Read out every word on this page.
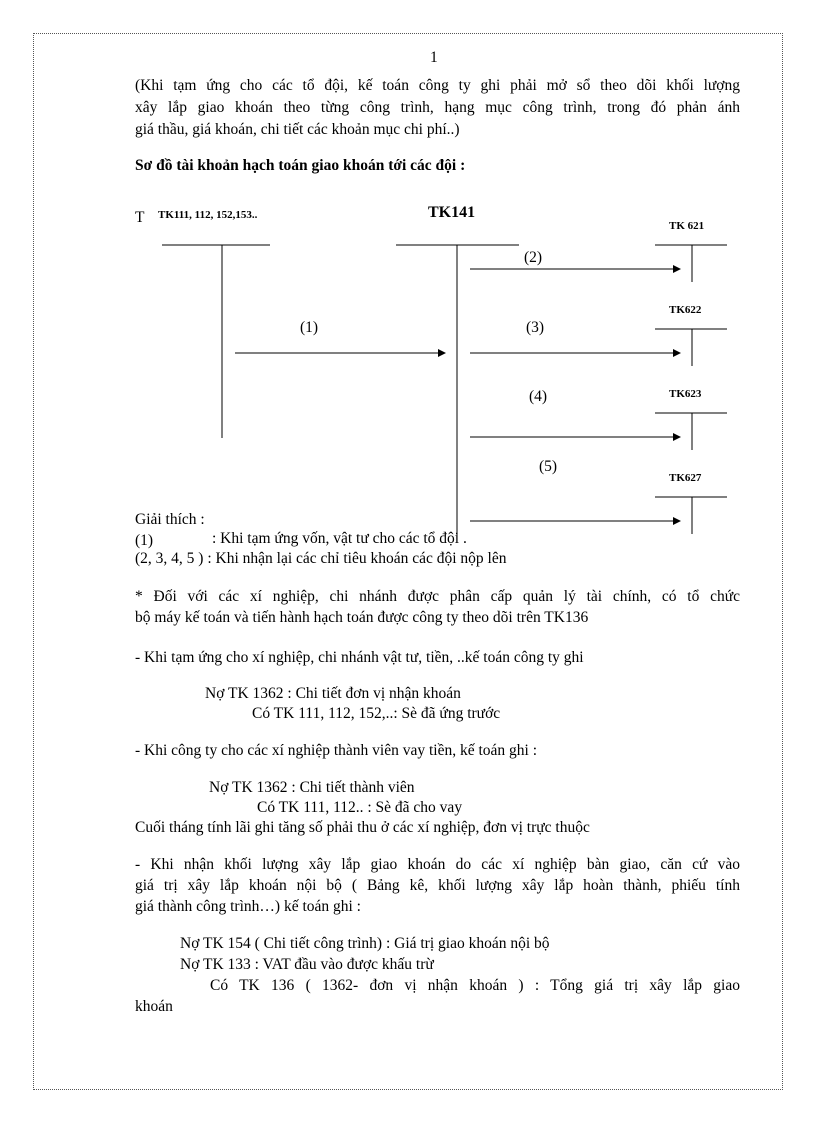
1
(Khi tạm ứng cho các tổ đội, kế toán công ty ghi phải mở sổ theo dõi khối lượng
xây lắp giao khoán theo từng công trình, hạng mục công trình, trong đó phản ánh
giá thầu, giá khoán, chi tiết các khoản mục chi phí..)
Sơ đồ tài khoản hạch toán giao khoán tới các đội :
T TK111, 112, 152,153..	TK141
TK 621
TK622
TK623
TK627
(1)
(2)
(3)
(4)
(5)
Giải thích :
(1)	: Khi tạm ứng vốn, vật tư cho các tổ đội .
(2, 3, 4, 5 ) : Khi nhận lại các chỉ tiêu khoán các đội nộp lên
* Đối với các xí nghiệp, chi nhánh được phân cấp quản lý tài chính, có tổ chức
bộ máy kế toán và tiến hành hạch toán được công ty theo dõi trên TK136
- Khi tạm ứng cho xí nghiệp, chi nhánh vật tư, tiền, ..kế toán công ty ghi
Nợ TK 1362 : Chi tiết đơn vị nhận khoán
Có TK 111, 112, 152,..: Sè đã ứng trước
- Khi công ty cho các xí nghiệp thành viên vay tiền, kế toán ghi :
Nợ TK 1362 : Chi tiết thành viên
Có TK 111, 112.. : Sè đã cho vay
Cuối tháng tính lãi ghi tăng số phải thu ở các xí nghiệp, đơn vị trực thuộc
- Khi nhận khối lượng xây lắp giao khoán do các xí nghiệp bàn giao, căn cứ vào
giá trị xây lắp khoán nội bộ ( Bảng kê, khối lượng xây lắp hoàn thành, phiếu tính
giá thành công trình…) kế toán ghi :
Nợ TK 154 ( Chi tiết công trình) : Giá trị giao khoán nội bộ
Nợ TK 133 : VAT đầu vào được khấu trừ
Có TK 136 ( 1362- đơn vị nhận khoán ) : Tổng giá trị xây lắp giao
khoán
